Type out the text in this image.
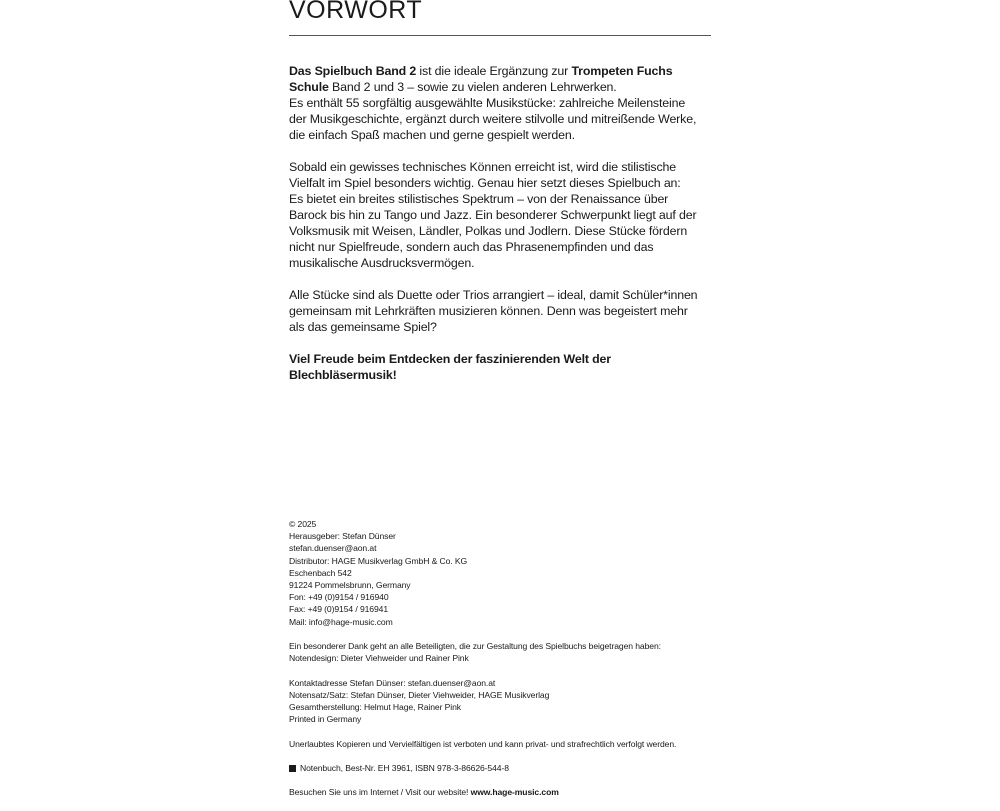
VORWORT

Das Spielbuch Band 2 ist die ideale Ergänzung zur Trompeten Fuchs
Schule Band 2 und 3 – sowie zu vielen anderen Lehrwerken.
Es enthält 55 sorgfältig ausgewählte Musikstücke: zahlreiche Meilensteine
der Musikgeschichte, ergänzt durch weitere stilvolle und mitreißende Werke,
die einfach Spaß machen und gerne gespielt werden.

Sobald ein gewisses technisches Können erreicht ist, wird die stilistische
Vielfalt im Spiel besonders wichtig. Genau hier setzt dieses Spielbuch an:
Es bietet ein breites stilistisches Spektrum – von der Renaissance über
Barock bis hin zu Tango und Jazz. Ein besonderer Schwerpunkt liegt auf der
Volksmusik mit Weisen, Ländler, Polkas und Jodlern. Diese Stücke fördern
nicht nur Spielfreude, sondern auch das Phrasenempfinden und das
musikalische Ausdrucksvermögen.

Alle Stücke sind als Duette oder Trios arrangiert – ideal, damit Schüler*innen
gemeinsam mit Lehrkräften musizieren können. Denn was begeistert mehr
als das gemeinsame Spiel?

Viel Freude beim Entdecken der faszinierenden Welt der
Blechbläsermusik!

© 2025
Herausgeber: Stefan Dünser
stefan.duenser@aon.at
Distributor: HAGE Musikverlag GmbH & Co. KG
Eschenbach 542
91224 Pommelsbrunn, Germany
Fon: +49 (0)9154 / 916940
Fax: +49 (0)9154 / 916941
Mail: info@hage-music.com
Ein besonderer Dank geht an alle Beteiligten, die zur Gestaltung des Spielbuchs beigetragen haben:
Notendesign: Dieter Viehweider und Rainer Pink
Kontaktadresse Stefan Dünser: stefan.duenser@aon.at
Notensatz/Satz: Stefan Dünser, Dieter Viehweider, HAGE Musikverlag
Gesamtherstellung: Helmut Hage, Rainer Pink
Printed in Germany
Unerlaubtes Kopieren und Vervielfältigen ist verboten und kann privat- und strafrechtlich verfolgt werden.
Notenbuch, Best-Nr. EH 3961, ISBN 978-3-86626-544-8
Besuchen Sie uns im Internet / Visit our website! www.hage-music.com
